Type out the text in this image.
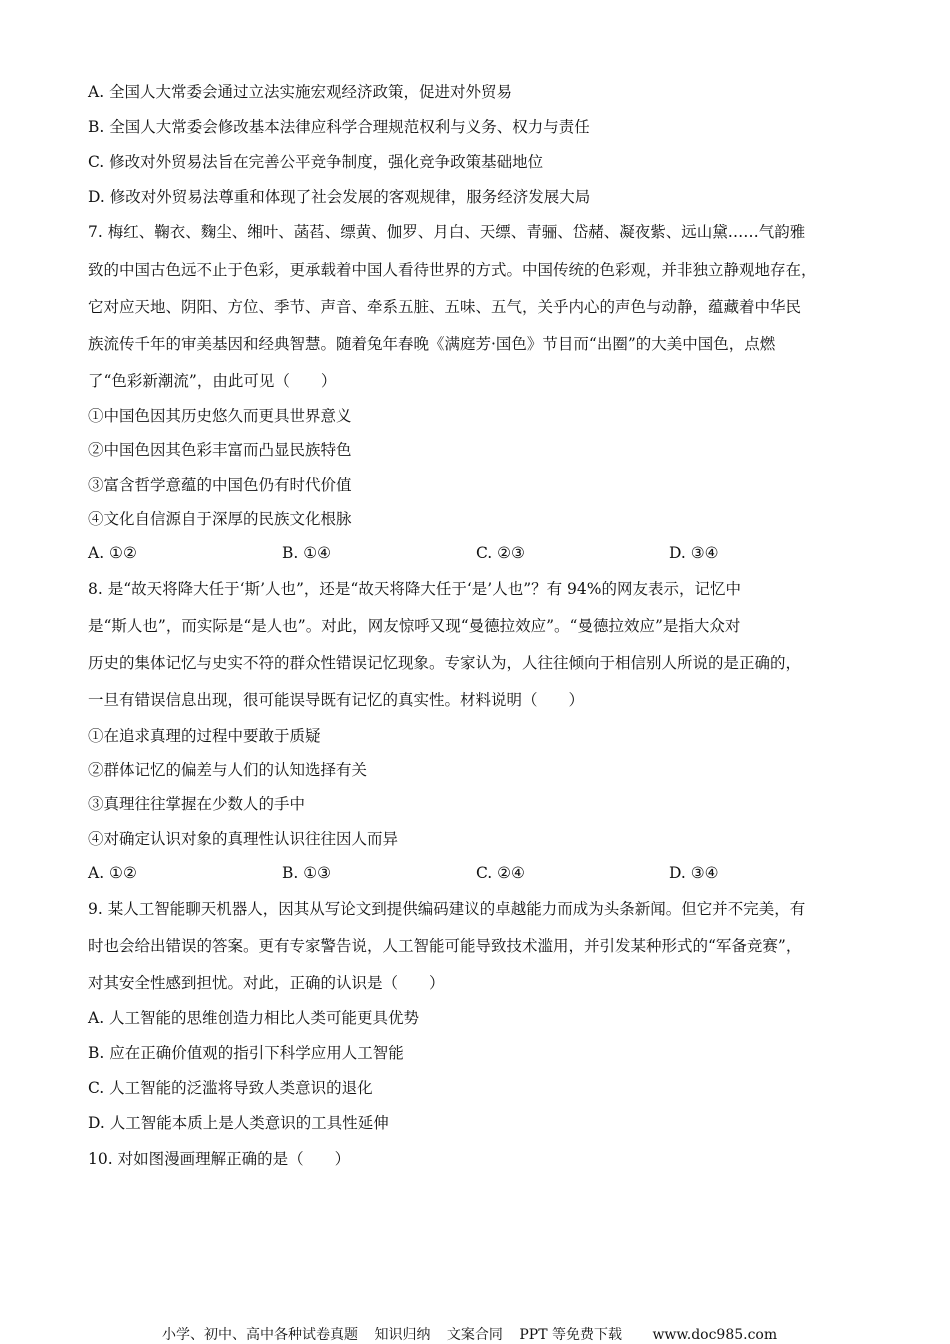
A. 全国人大常委会通过立法实施宏观经济政策，促进对外贸易
B. 全国人大常委会修改基本法律应科学合理规范权利与义务、权力与责任
C. 修改对外贸易法旨在完善公平竞争制度，强化竞争政策基础地位
D. 修改对外贸易法尊重和体现了社会发展的客观规律，服务经济发展大局
7. 梅红、鞠衣、麴尘、缃叶、菡萏、缥黄、伽罗、月白、天缥、青骊、岱赭、凝夜紫、远山黛……气韵雅
致的中国古色远不止于色彩，更承载着中国人看待世界的方式。中国传统的色彩观，并非独立静观地存在，
它对应天地、阴阳、方位、季节、声音、牵系五脏、五味、五气，关乎内心的声色与动静，蕴藏着中华民
族流传千年的审美基因和经典智慧。随着兔年春晚《满庭芳·国色》节目而“出圈”的大美中国色，点燃
了“色彩新潮流”，由此可见（　　）
①中国色因其历史悠久而更具世界意义
②中国色因其色彩丰富而凸显民族特色
③富含哲学意蕴的中国色仍有时代价值
④文化自信源自于深厚的民族文化根脉
A. ①②	B. ①④	C. ②③	D. ③④
8. 是“故天将降大任于‘斯’人也”，还是“故天将降大任于‘是’人也”？有 94%的网友表示，记忆中
是“斯人也”，而实际是“是人也”。对此，网友惊呼又现“曼德拉效应”。“曼德拉效应”是指大众对
历史的集体记忆与史实不符的群众性错误记忆现象。专家认为，人往往倾向于相信别人所说的是正确的，
一旦有错误信息出现，很可能误导既有记忆的真实性。材料说明（　　）
①在追求真理的过程中要敢于质疑
②群体记忆的偏差与人们的认知选择有关
③真理往往掌握在少数人的手中
④对确定认识对象的真理性认识往往因人而异
A. ①②	B. ①③	C. ②④	D. ③④
9. 某人工智能聊天机器人，因其从写论文到提供编码建议的卓越能力而成为头条新闻。但它并不完美，有
时也会给出错误的答案。更有专家警告说，人工智能可能导致技术滥用，并引发某种形式的“军备竞赛”，
对其安全性感到担忧。对此，正确的认识是（　　）
A. 人工智能的思维创造力相比人类可能更具优势
B. 应在正确价值观的指引下科学应用人工智能
C. 人工智能的泛滥将导致人类意识的退化
D. 人工智能本质上是人类意识的工具性延伸
10. 对如图漫画理解正确的是（　　）
小学、初中、高中各种试卷真题 知识归纳 文案合同 PPT 等免费下载 www.doc985.com
